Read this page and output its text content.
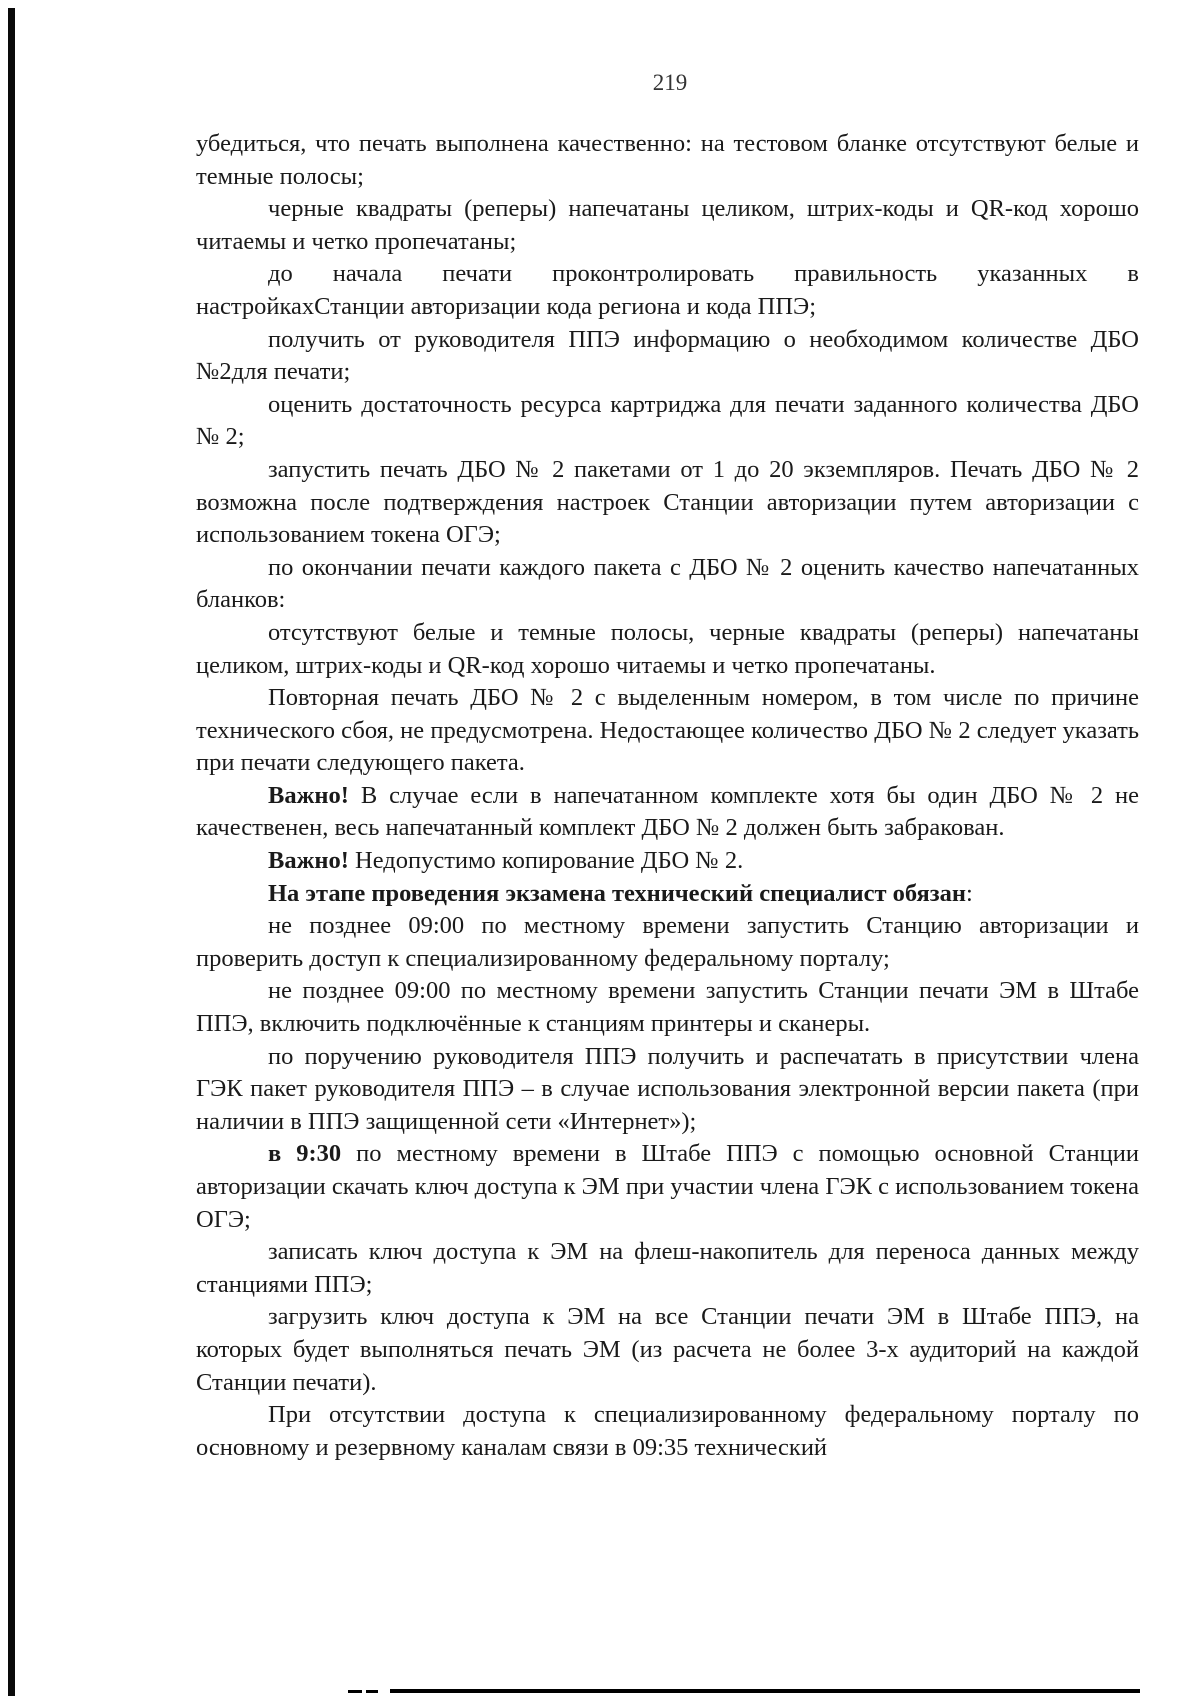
219

убедиться, что печать выполнена качественно: на тестовом бланке отсутствуют белые и темные полосы;

черные квадраты (реперы) напечатаны целиком, штрих-коды и QR-код хорошо читаемы и четко пропечатаны;

до начала печати проконтролировать правильность указанных в настройкахСтанции авторизации кода региона и кода ППЭ;

получить от руководителя ППЭ информацию о необходимом количестве ДБО №2для печати;

оценить достаточность ресурса картриджа для печати заданного количества ДБО № 2;

запустить печать ДБО № 2 пакетами от 1 до 20 экземпляров. Печать ДБО № 2 возможна после подтверждения настроек Станции авторизации путем авторизации с использованием токена ОГЭ;

по окончании печати каждого пакета с ДБО № 2 оценить качество напечатанных бланков:

отсутствуют белые и темные полосы, черные квадраты (реперы) напечатаны целиком, штрих-коды и QR-код хорошо читаемы и четко пропечатаны.

Повторная печать ДБО № 2 с выделенным номером, в том числе по причине технического сбоя, не предусмотрена. Недостающее количество ДБО № 2 следует указать при печати следующего пакета.

Важно! В случае если в напечатанном комплекте хотя бы один ДБО № 2 не качественен, весь напечатанный комплект ДБО № 2 должен быть забракован.

Важно! Недопустимо копирование ДБО № 2.

На этапе проведения экзамена технический специалист обязан:

не позднее 09:00 по местному времени запустить Станцию авторизации и проверить доступ к специализированному федеральному порталу;

не позднее 09:00 по местному времени запустить Станции печати ЭМ в Штабе ППЭ, включить подключённые к станциям принтеры и сканеры.

по поручению руководителя ППЭ получить и распечатать в присутствии члена ГЭК пакет руководителя ППЭ – в случае использования электронной версии пакета (при наличии в ППЭ защищенной сети «Интернет»);

в 9:30 по местному времени в Штабе ППЭ с помощью основной Станции авторизации скачать ключ доступа к ЭМ при участии члена ГЭК с использованием токена ОГЭ;

записать ключ доступа к ЭМ на флеш-накопитель для переноса данных между станциями ППЭ;

загрузить ключ доступа к ЭМ на все Станции печати ЭМ в Штабе ППЭ, на которых будет выполняться печать ЭМ (из расчета не более 3-х аудиторий на каждой Станции печати).

При отсутствии доступа к специализированному федеральному порталу по основному и резервному каналам связи в 09:35 технический
